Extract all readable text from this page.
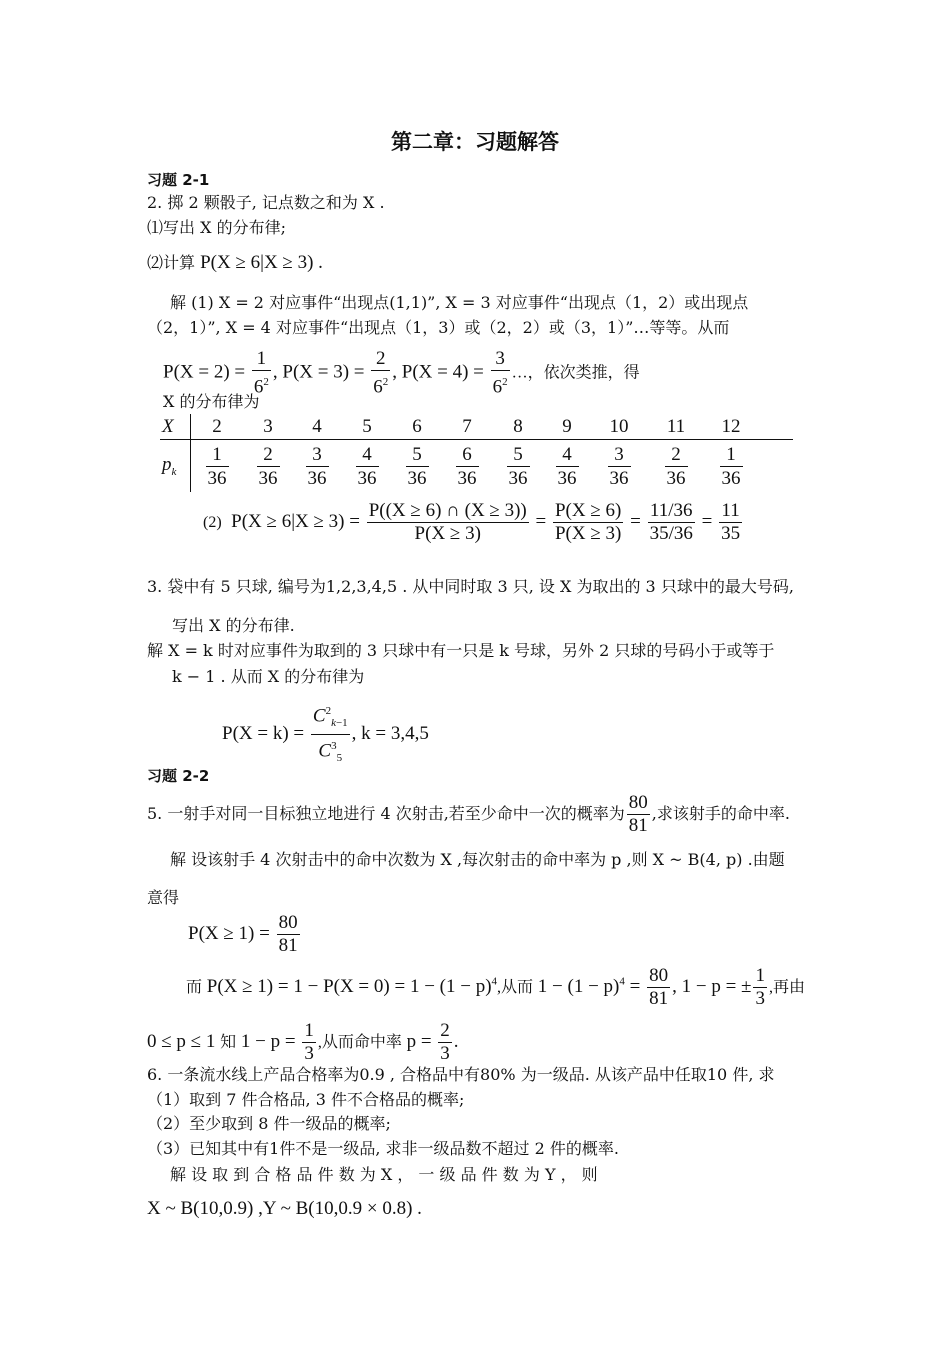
第二章：习题解答
习题 2-1
2. 掷 2 颗骰子, 记点数之和为 X .
⑴写出 X 的分布律;
⑵计算 P(X ≥ 6|X ≥ 3) .
解 (1) X = 2 对应事件“出现点(1,1)”, X = 3 对应事件“出现点（1，2）或出现点
（2，1）”, X = 4 对应事件“出现点（1，3）或（2，2）或（3，1）”…等等。从而
$P(X = 2) = \frac{1}{6^2}$ , $P(X = 3) = \frac{2}{6^2}$ , $P(X = 4) = \frac{3}{6^2}$ …，依次类推，得
X 的分布律为
X	2	3	4	5	6	7	8	9	10	11	12	
$p_k$	$\frac{1}{36}$	$\frac{2}{36}$	$\frac{3}{36}$	$\frac{4}{36}$	$\frac{5}{36}$	$\frac{6}{36}$	$\frac{5}{36}$	$\frac{4}{36}$	$\frac{3}{36}$	$\frac{2}{36}$	$\frac{1}{36}$

(2)  $P(X \ge 6|X \ge 3) = \frac{P((X \ge 6) \cap (X \ge 3))}{P(X \ge 3)} = \frac{P(X \ge 6)}{P(X \ge 3)} = \frac{11/36}{35/36} = \frac{11}{35}$
3. 袋中有 5 只球, 编号为1,2,3,4,5 . 从中同时取 3 只, 设 X 为取出的 3 只球中的最大号码,
写出 X 的分布律.
解 X = k 时对应事件为取到的 3 只球中有一只是 k 号球，另外 2 只球的号码小于或等于
k − 1 . 从而 X 的分布律为
$P(X = k) = \frac{C^2_{k-1}}{C^3_5}$ , k = 3,4,5
习题 2-2
5. 一射手对同一目标独立地进行 4 次射击,若至少命中一次的概率为 $\frac{80}{81}$ ,求该射手的命中率.
解 设该射手 4 次射击中的命中次数为 X ,每次射击的命中率为 p ,则 X ~ B(4, p) .由题
意得
$P(X \ge 1) = \frac{80}{81}$
而 $P(X \ge 1) = 1 - P(X = 0) = 1 - (1 - p)^4$,从而 $1 - (1 - p)^4 = \frac{80}{81}$ , 1 − p = ± $\frac{1}{3}$ ,再由
0 ≤ p ≤ 1 知 $1 - p = \frac{1}{3}$ ,从而命中率 $p = \frac{2}{3}$ .
6. 一条流水线上产品合格率为0.9 , 合格品中有80% 为一级品. 从该产品中任取10 件, 求
（1）取到 7 件合格品, 3 件不合格品的概率;
（2）至少取到 8 件一级品的概率;
（3）已知其中有1件不是一级品, 求非一级品数不超过 2 件的概率.
解 设 取 到 合 格 品 件 数 为 X ， 一 级 品 件 数 为 Y ， 则
X ~ B(10,0.9) ,Y ~ B(10,0.9 × 0.8) .
